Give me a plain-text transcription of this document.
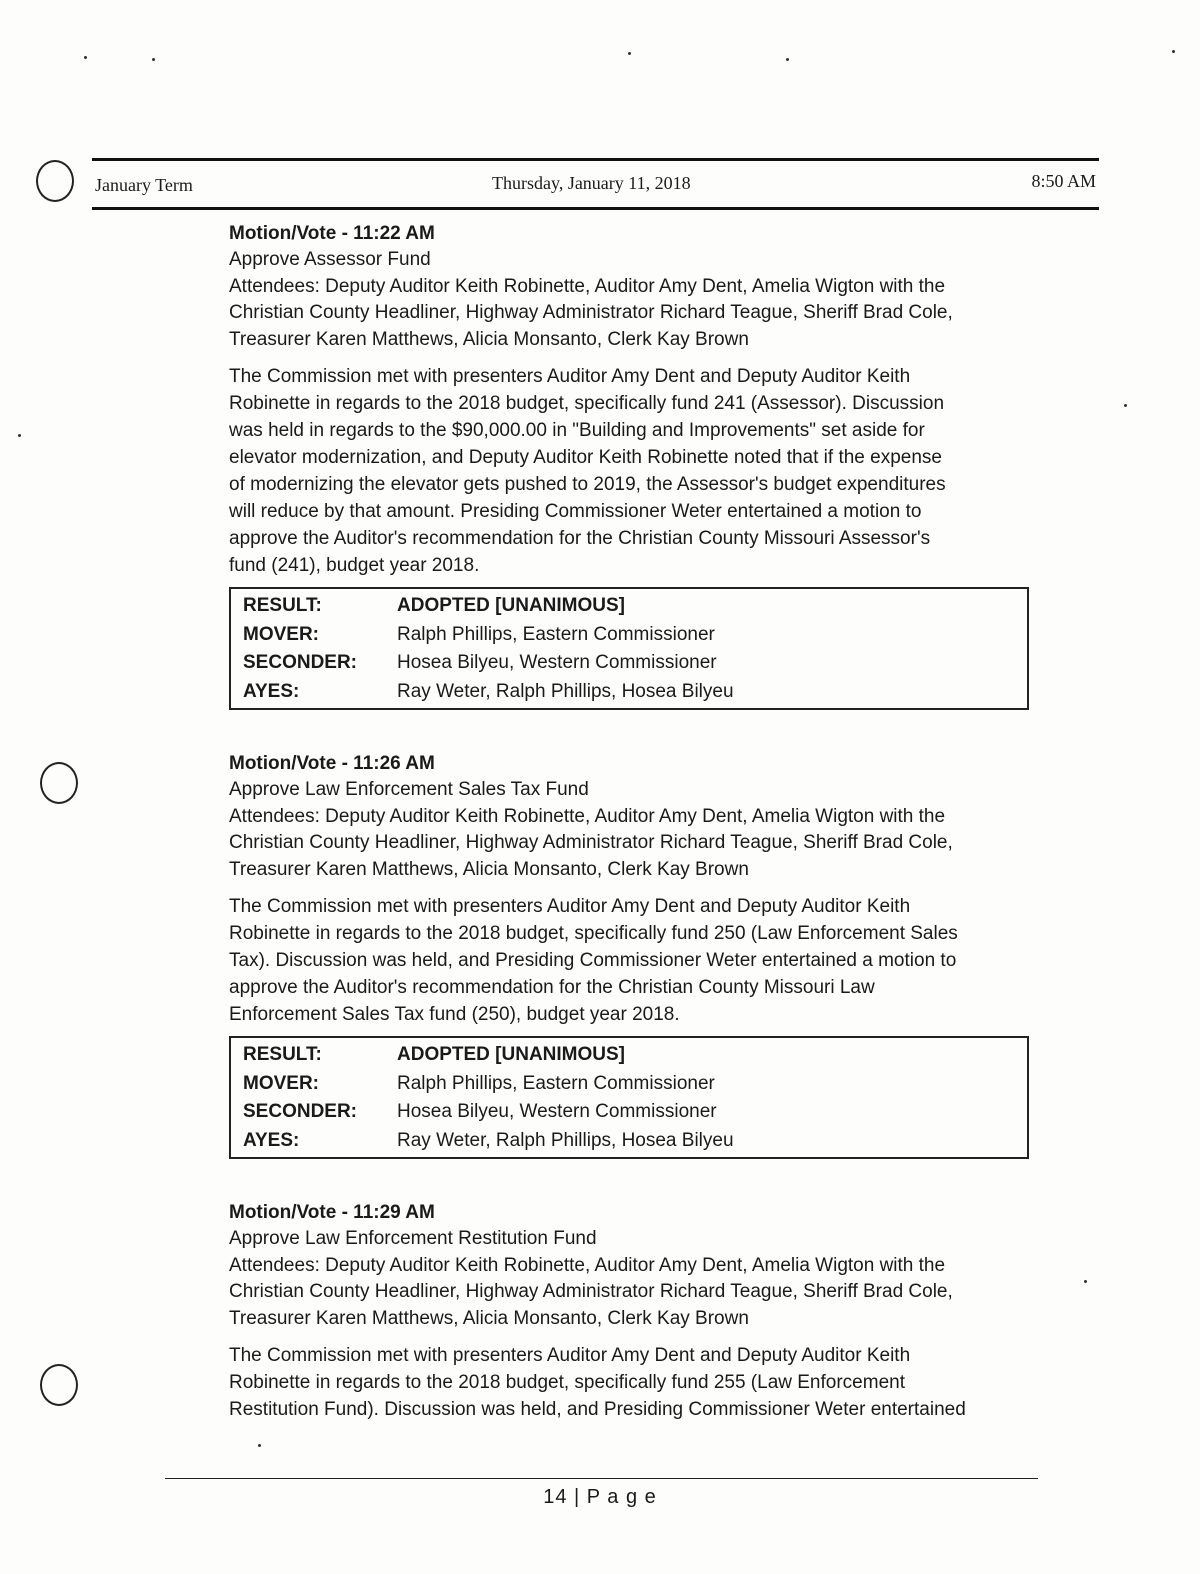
January Term	Thursday, January 11, 2018	8:50 AM
Motion/Vote - 11:22 AM
Approve Assessor Fund
Attendees: Deputy Auditor Keith Robinette, Auditor Amy Dent, Amelia Wigton with the
Christian County Headliner, Highway Administrator Richard Teague, Sheriff Brad Cole,
Treasurer Karen Matthews, Alicia Monsanto, Clerk Kay Brown
The Commission met with presenters Auditor Amy Dent and Deputy Auditor Keith
Robinette in regards to the 2018 budget, specifically fund 241 (Assessor). Discussion
was held in regards to the $90,000.00 in "Building and Improvements" set aside for
elevator modernization, and Deputy Auditor Keith Robinette noted that if the expense
of modernizing the elevator gets pushed to 2019, the Assessor's budget expenditures
will reduce by that amount. Presiding Commissioner Weter entertained a motion to
approve the Auditor's recommendation for the Christian County Missouri Assessor's
fund (241), budget year 2018.
RESULT:	ADOPTED [UNANIMOUS]
MOVER:	Ralph Phillips, Eastern Commissioner
SECONDER:	Hosea Bilyeu, Western Commissioner
AYES:	Ray Weter, Ralph Phillips, Hosea Bilyeu
Motion/Vote - 11:26 AM
Approve Law Enforcement Sales Tax Fund
Attendees: Deputy Auditor Keith Robinette, Auditor Amy Dent, Amelia Wigton with the
Christian County Headliner, Highway Administrator Richard Teague, Sheriff Brad Cole,
Treasurer Karen Matthews, Alicia Monsanto, Clerk Kay Brown
The Commission met with presenters Auditor Amy Dent and Deputy Auditor Keith
Robinette in regards to the 2018 budget, specifically fund 250 (Law Enforcement Sales
Tax). Discussion was held, and Presiding Commissioner Weter entertained a motion to
approve the Auditor's recommendation for the Christian County Missouri Law
Enforcement Sales Tax fund (250), budget year 2018.
RESULT:	ADOPTED [UNANIMOUS]
MOVER:	Ralph Phillips, Eastern Commissioner
SECONDER:	Hosea Bilyeu, Western Commissioner
AYES:	Ray Weter, Ralph Phillips, Hosea Bilyeu
Motion/Vote - 11:29 AM
Approve Law Enforcement Restitution Fund
Attendees: Deputy Auditor Keith Robinette, Auditor Amy Dent, Amelia Wigton with the
Christian County Headliner, Highway Administrator Richard Teague, Sheriff Brad Cole,
Treasurer Karen Matthews, Alicia Monsanto, Clerk Kay Brown
The Commission met with presenters Auditor Amy Dent and Deputy Auditor Keith
Robinette in regards to the 2018 budget, specifically fund 255 (Law Enforcement
Restitution Fund). Discussion was held, and Presiding Commissioner Weter entertained
14 | P a g e
